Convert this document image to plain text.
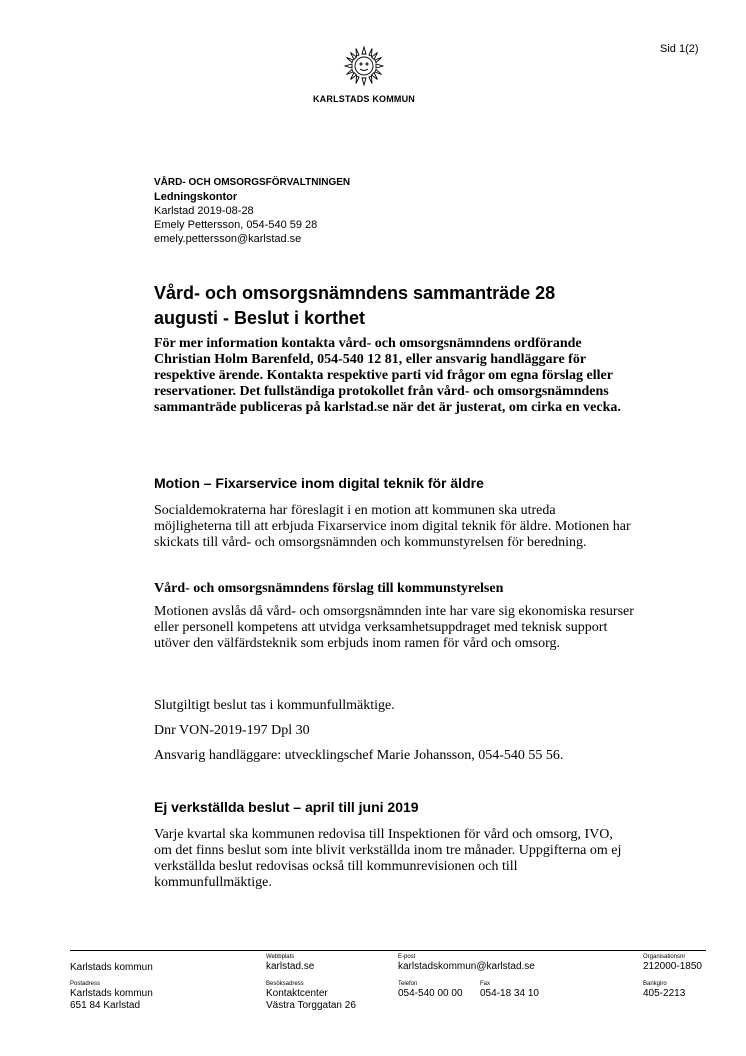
Sid 1(2)
KARLSTADS KOMMUN
VÅRD- OCH OMSORGSFÖRVALTNINGEN
Ledningskontor
Karlstad 2019-08-28
Emely Pettersson, 054-540 59 28
emely.pettersson@karlstad.se
Vård- och omsorgsnämndens sammanträde 28 augusti - Beslut i korthet

För mer information kontakta vård- och omsorgsnämndens ordförande Christian Holm Barenfeld, 054-540 12 81, eller ansvarig handläggare för respektive ärende. Kontakta respektive parti vid frågor om egna förslag eller reservationer. Det fullständiga protokollet från vård- och omsorgsnämndens sammanträde publiceras på karlstad.se när det är justerat, om cirka en vecka.

Motion – Fixarservice inom digital teknik för äldre

Socialdemokraterna har föreslagit i en motion att kommunen ska utreda möjligheterna till att erbjuda Fixarservice inom digital teknik för äldre. Motionen har skickats till vård- och omsorgsnämnden och kommunstyrelsen för beredning.

Vård- och omsorgsnämndens förslag till kommunstyrelsen

Motionen avslås då vård- och omsorgsnämnden inte har vare sig ekonomiska resurser eller personell kompetens att utvidga verksamhetsuppdraget med teknisk support utöver den välfärdsteknik som erbjuds inom ramen för vård och omsorg.

Slutgiltigt beslut tas i kommunfullmäktige.

Dnr VON-2019-197 Dpl 30

Ansvarig handläggare: utvecklingschef Marie Johansson, 054-540 55 56.

Ej verkställda beslut – april till juni 2019

Varje kvartal ska kommunen redovisa till Inspektionen för vård och omsorg, IVO, om det finns beslut som inte blivit verkställda inom tre månader. Uppgifterna om ej verkställda beslut redovisas också till kommunrevisionen och till kommunfullmäktige.

Karlstads kommun
Webbplats
karlstad.se
E-post
karlstadskommun@karlstad.se
Organisationsnr
212000-1850
Postadress
Karlstads kommun
651 84 Karlstad
Besöksadress
Kontaktcenter
Västra Torggatan 26
Telefon
054-540 00 00
Fax
054-18 34 10
Bankgiro
405-2213
